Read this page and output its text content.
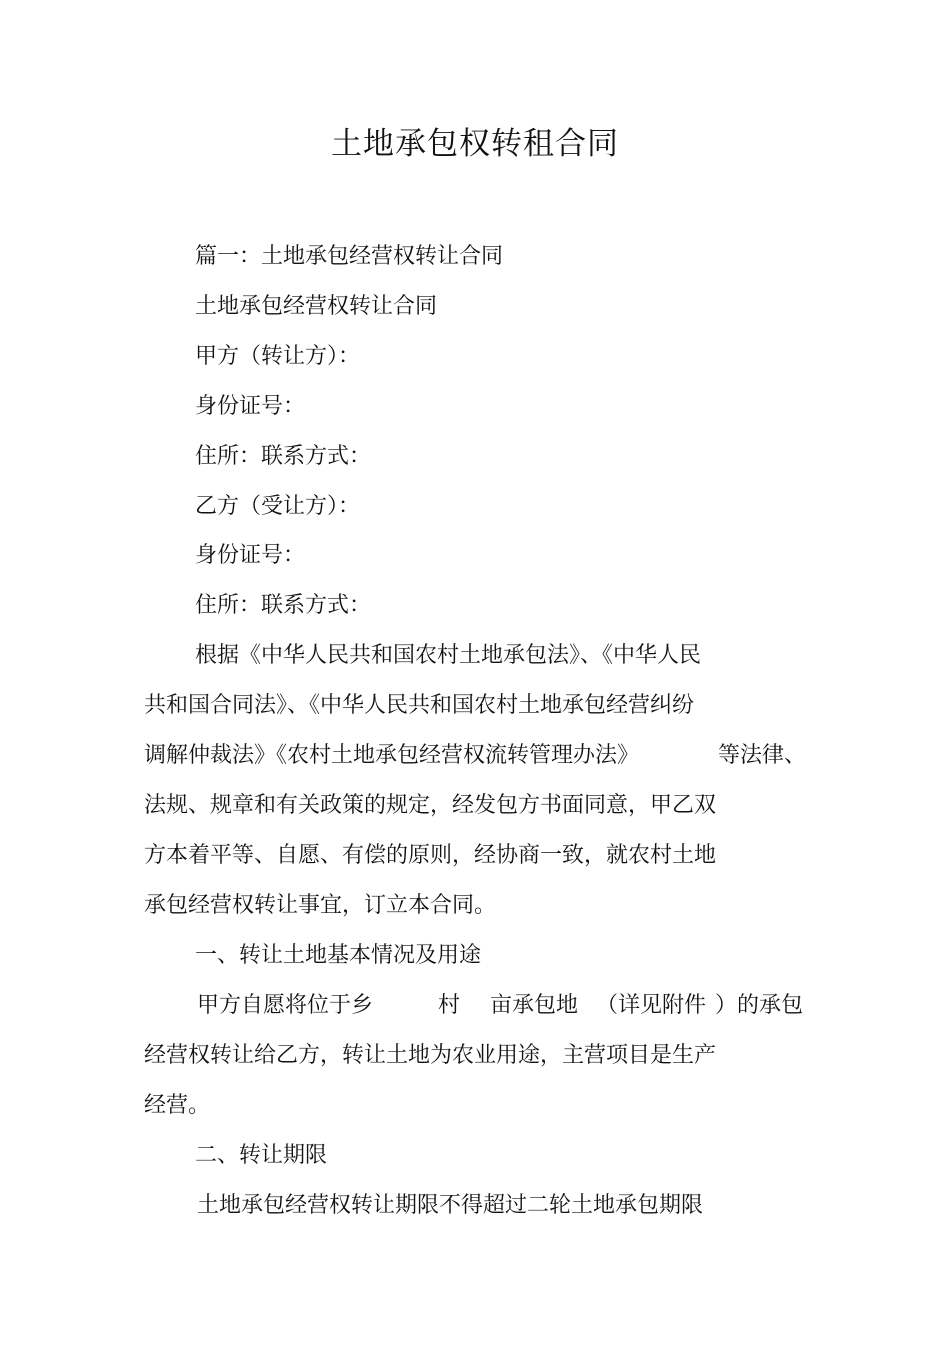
土地承包权转租合同
篇一：土地承包经营权转让合同
土地承包经营权转让合同
甲方（转让方）：
身份证号：
住所：联系方式：
乙方（受让方）：
身份证号：
住所：联系方式：
根据《中华人民共和国农村土地承包法》、《中华人民
共和国合同法》、《中华人民共和国农村土地承包经营纠纷
调解仲裁法》《农村土地承包经营权流转管理办法》	等法律、
法规、规章和有关政策的规定，经发包方书面同意，甲乙双
方本着平等、自愿、有偿的原则，经协商一致，就农村土地
承包经营权转让事宜，订立本合同。
一、转让土地基本情况及用途
甲方自愿将位于乡	村 亩承包地 （详见附件 ）的承包
经营权转让给乙方，转让土地为农业用途，主营项目是生产
经营。
二、转让期限
土地承包经营权转让期限不得超过二轮土地承包期限
